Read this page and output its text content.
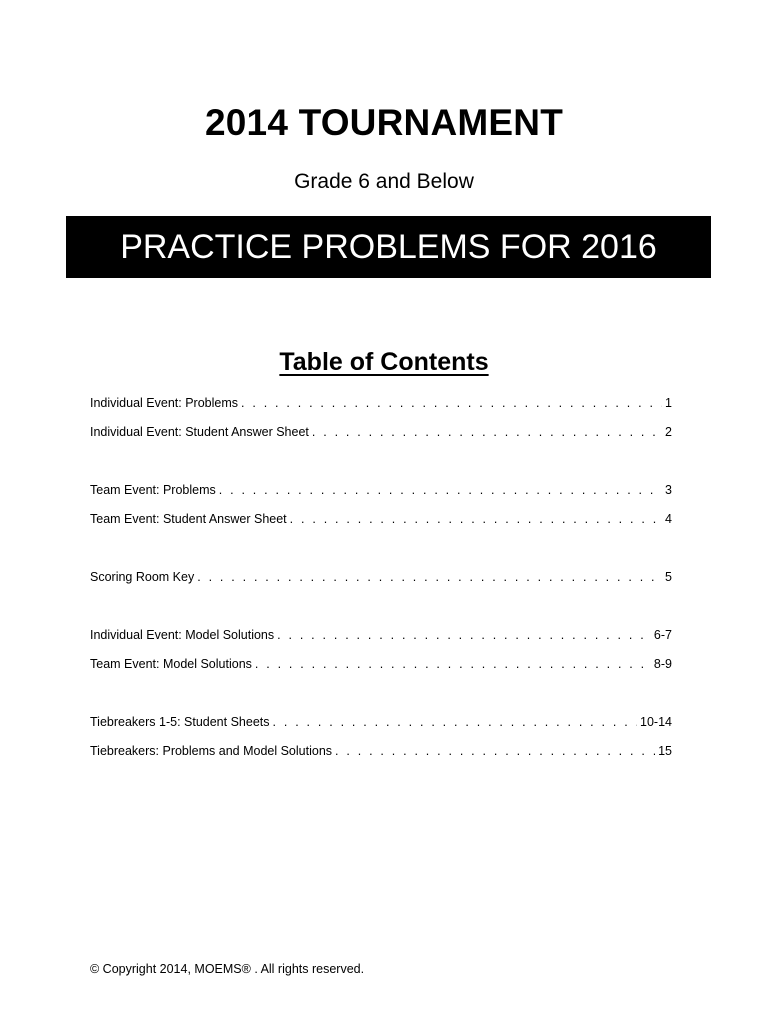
2014 TOURNAMENT
Grade 6 and Below
PRACTICE PROBLEMS FOR 2016
Table of Contents
Individual Event: Problems . . .	1
Individual Event: Student Answer Sheet . . .	2
Team Event: Problems . . .	3
Team Event: Student Answer Sheet . . .	4
Scoring Room Key . . .	5
Individual Event: Model Solutions . . .	6-7
Team Event: Model Solutions . . .	8-9
Tiebreakers 1-5: Student Sheets . . .	10-14
Tiebreakers: Problems and Model Solutions . . .	15
© Copyright 2014, MOEMS® . All rights reserved.
